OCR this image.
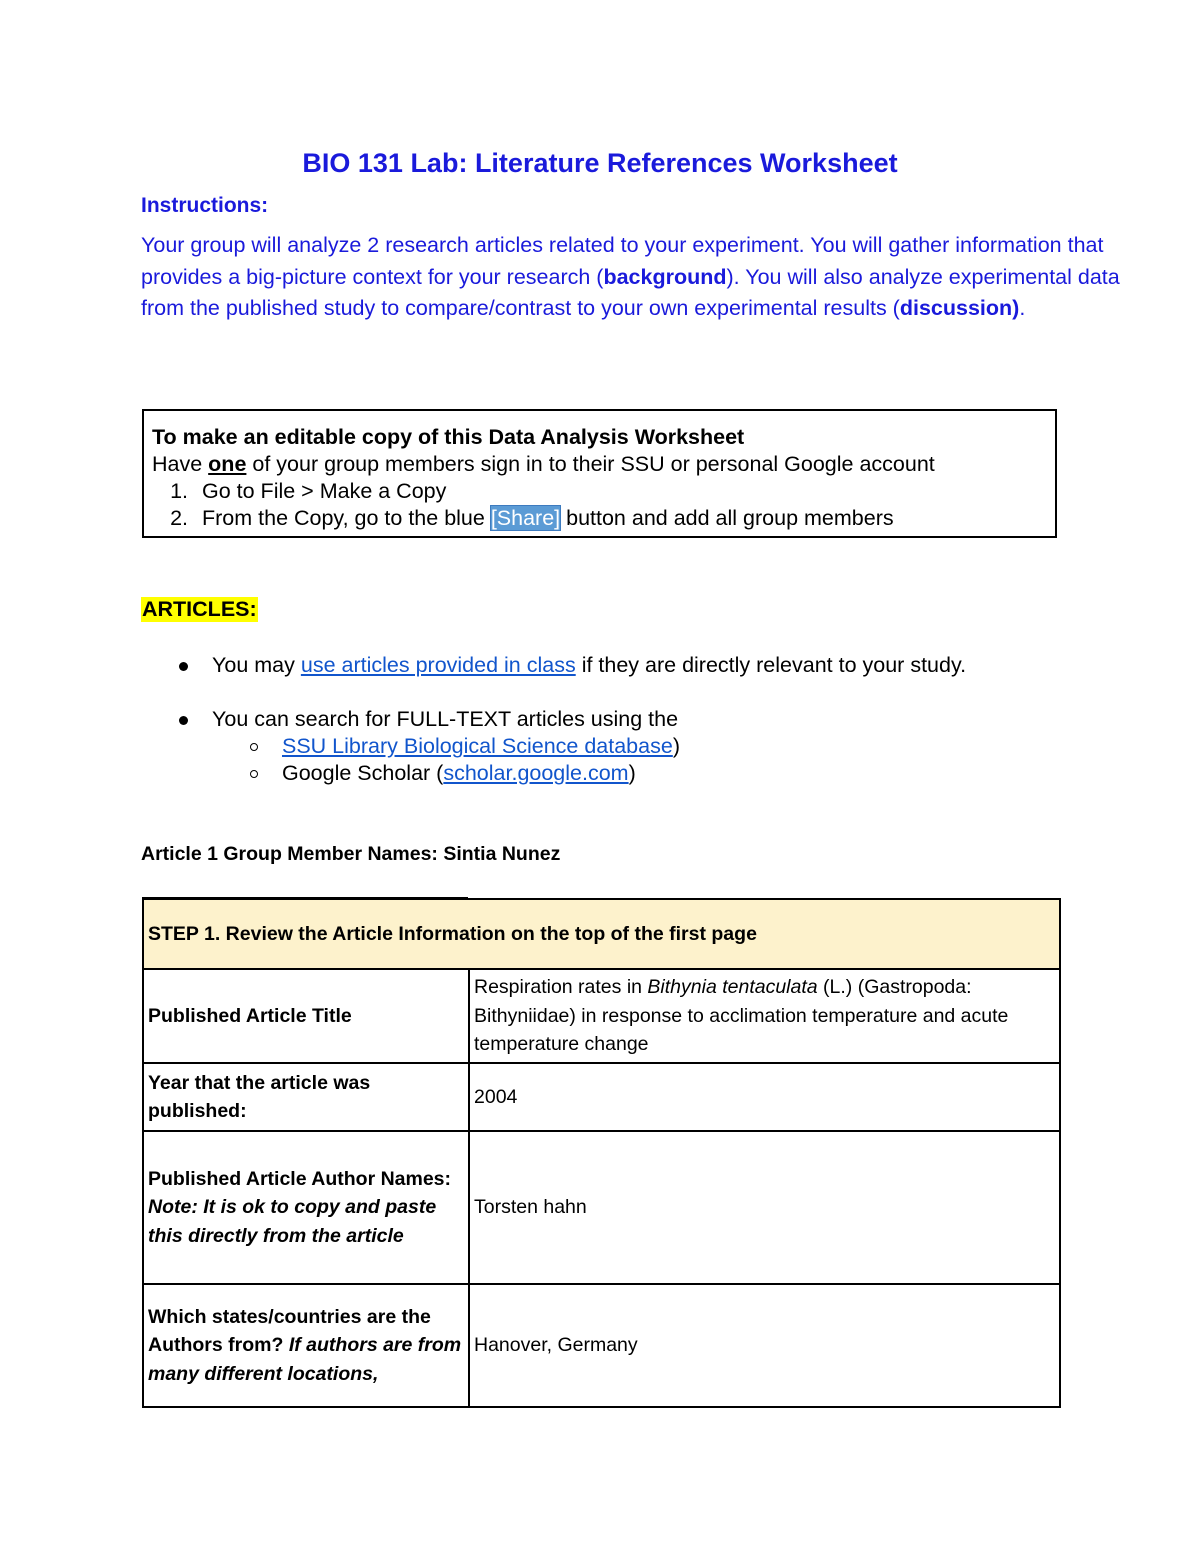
BIO 131 Lab: Literature References Worksheet
Instructions:
Your group will analyze 2 research articles related to your experiment. You will gather information that provides a big-picture context for your research (background). You will also analyze experimental data from the published study to compare/contrast to your own experimental results (discussion).
To make an editable copy of this Data Analysis Worksheet
Have one of your group members sign in to their SSU or personal Google account
1. Go to File > Make a Copy
2. From the Copy, go to the blue [Share] button and add all group members
ARTICLES:
You may use articles provided in class if they are directly relevant to your study.
You can search for FULL-TEXT articles using the
SSU Library Biological Science database)
Google Scholar (scholar.google.com)
Article 1 Group Member Names: Sintia Nunez
STEP 1. Review the Article Information on the top of the first page	
Published Article Title	Respiration rates in Bithynia tentaculata (L.) (Gastropoda: Bithyniidae) in response to acclimation temperature and acute temperature change
Year that the article was published:	2004
Published Article Author Names:
Note: It is ok to copy and paste this directly from the article	Torsten hahn
Which states/countries are the Authors from? If authors are from many different locations,	Hanover, Germany
